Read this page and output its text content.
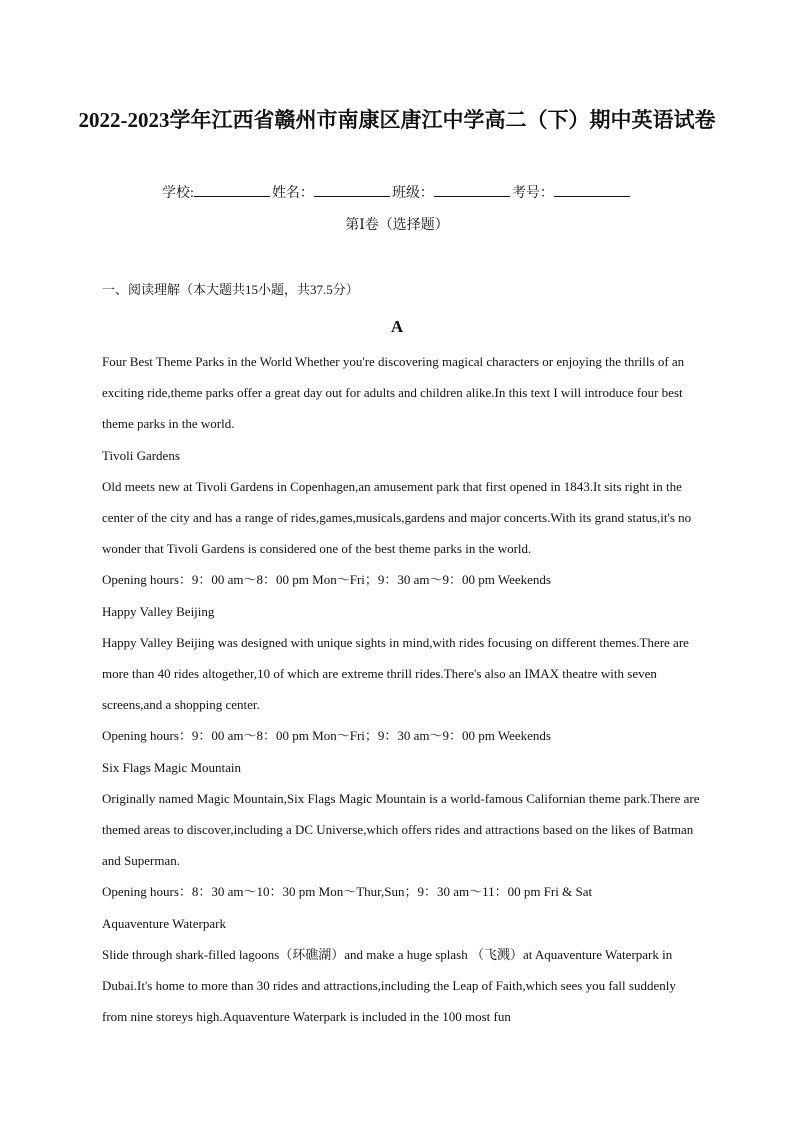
2022-2023学年江西省赣州市南康区唐江中学高二（下）期中英语试卷
学校:	姓名：	班级：	考号：
第Ⅰ卷（选择题）
一、阅读理解（本大题共15小题，共37.5分）
A

Four Best Theme Parks in the World Whether you're discovering magical characters or enjoying the thrills of an exciting ride,theme parks offer a great day out for adults and children alike.In this text I will introduce four best theme parks in the world.

Tivoli Gardens

Old meets new at Tivoli Gardens in Copenhagen,an amusement park that first opened in 1843.It sits right in the center of the city and has a range of rides,games,musicals,gardens and major concerts.With its grand status,it's no wonder that Tivoli Gardens is considered one of the best theme parks in the world.

Opening hours：9：00 am～8：00 pm Mon～Fri；9：30 am～9：00 pm Weekends

Happy Valley Beijing

Happy Valley Beijing was designed with unique sights in mind,with rides focusing on different themes.There are more than 40 rides altogether,10 of which are extreme thrill rides.There's also an IMAX theatre with seven screens,and a shopping center.

Opening hours：9：00 am～8：00 pm Mon～Fri；9：30 am～9：00 pm Weekends

Six Flags Magic Mountain

Originally named Magic Mountain,Six Flags Magic Mountain is a world-famous Californian theme park.There are themed areas to discover,including a DC Universe,which offers rides and attractions based on the likes of Batman and Superman.

Opening hours：8：30 am～10：30 pm Mon～Thur,Sun；9：30 am～11：00 pm Fri & Sat

Aquaventure Waterpark

Slide through shark-filled lagoons（环礁湖）and make a huge splash （飞溅）at Aquaventure Waterpark in Dubai.It's home to more than 30 rides and attractions,including the Leap of Faith,which sees you fall suddenly from nine storeys high.Aquaventure Waterpark is included in the 100 most fun
